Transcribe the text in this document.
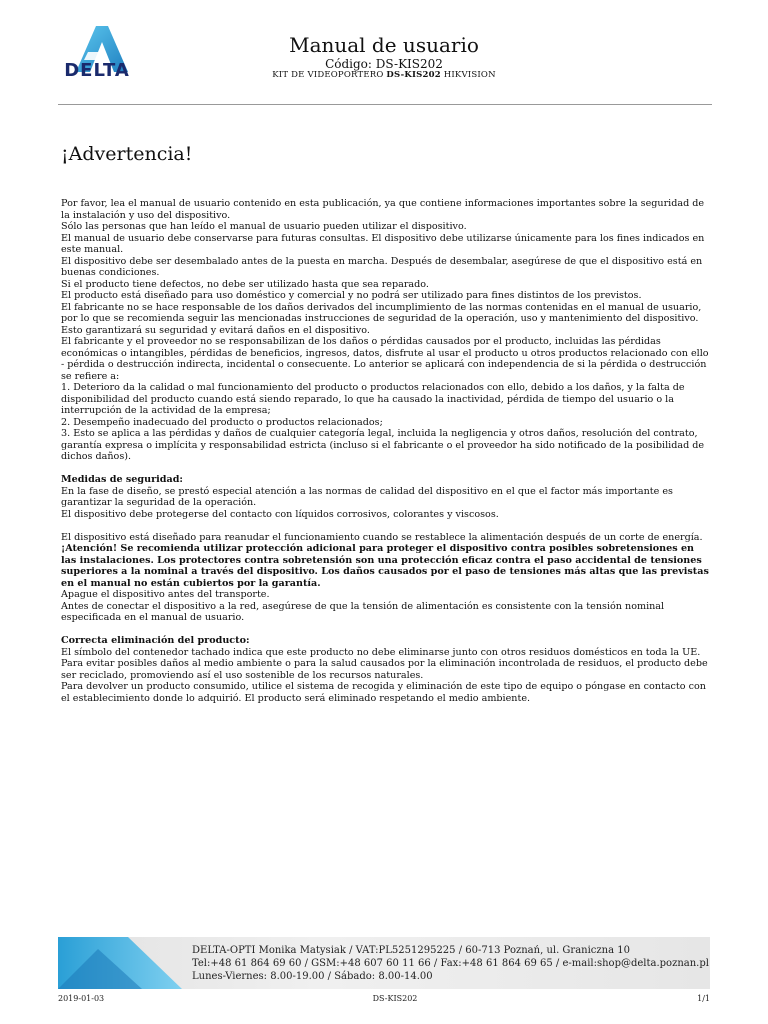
DELTA
Manual de usuario
Código: DS-KIS202
KIT DE VIDEOPORTERO DS-KIS202 HIKVISION
¡Advertencia!

Por favor, lea el manual de usuario contenido en esta publicación, ya que contiene informaciones importantes sobre la seguridad de la instalación y uso del dispositivo.

Sólo las personas que han leído el manual de usuario pueden utilizar el dispositivo.

El manual de usuario debe conservarse para futuras consultas. El dispositivo debe utilizarse únicamente para los fines indicados en este manual.

El dispositivo debe ser desembalado antes de la puesta en marcha. Después de desembalar, asegúrese de que el dispositivo está en buenas condiciones.

Si el producto tiene defectos, no debe ser utilizado hasta que sea reparado.

El producto está diseñado para uso doméstico y comercial y no podrá ser utilizado para fines distintos de los previstos.

El fabricante no se hace responsable de los daños derivados del incumplimiento de las normas contenidas en el manual de usuario, por lo que se recomienda seguir las mencionadas instrucciones de seguridad de la operación, uso y mantenimiento del dispositivo.

Esto garantizará su seguridad y evitará daños en el dispositivo.

El fabricante y el proveedor no se responsabilizan de los daños o pérdidas causados por el producto, incluidas las pérdidas económicas o intangibles, pérdidas de beneficios, ingresos, datos, disfrute al usar el producto u otros productos relacionado con ello - pérdida o destrucción indirecta, incidental o consecuente. Lo anterior se aplicará con independencia de si la pérdida o destrucción se refiere a:

1. Deterioro da la calidad o mal funcionamiento del producto o productos relacionados con ello, debido a los daños, y la falta de disponibilidad del producto cuando está siendo reparado, lo que ha causado la inactividad, pérdida de tiempo del usuario o la interrupción de la actividad de la empresa;

2. Desempeño inadecuado del producto o productos relacionados;

3. Esto se aplica a las pérdidas y daños de cualquier categoría legal, incluida la negligencia y otros daños, resolución del contrato, garantía expresa o implícita y responsabilidad estricta (incluso si el fabricante o el proveedor ha sido notificado de la posibilidad de dichos daños).

Medidas de seguridad:

En la fase de diseño, se prestó especial atención a las normas de calidad del dispositivo en el que el factor más importante es garantizar la seguridad de la operación.

El dispositivo debe protegerse del contacto con líquidos corrosivos, colorantes y viscosos.

El dispositivo está diseñado para reanudar el funcionamiento cuando se restablece la alimentación después de un corte de energía.

¡Atención! Se recomienda utilizar protección adicional para proteger el dispositivo contra posibles sobretensiones en las instalaciones. Los protectores contra sobretensión son una protección eficaz contra el paso accidental de tensiones superiores a la nominal a través del dispositivo. Los daños causados por el paso de tensiones más altas que las previstas en el manual no están cubiertos por la garantía.

Apague el dispositivo antes del transporte.

Antes de conectar el dispositivo a la red, asegúrese de que la tensión de alimentación es consistente con la tensión nominal especificada en el manual de usuario.

Correcta eliminación del producto:

El símbolo del contenedor tachado indica que este producto no debe eliminarse junto con otros residuos domésticos en toda la UE.

Para evitar posibles daños al medio ambiente o para la salud causados por la eliminación incontrolada de residuos, el producto debe ser reciclado, promoviendo así el uso sostenible de los recursos naturales.

Para devolver un producto consumido, utilice el sistema de recogida y eliminación de este tipo de equipo o póngase en contacto con el establecimiento donde lo adquirió. El producto será eliminado respetando el medio ambiente.

DELTA-OPTI Monika Matysiak / VAT:PL5251295225 / 60-713 Poznań, ul. Graniczna 10
Tel:+48 61 864 69 60 / GSM:+48 607 60 11 66 / Fax:+48 61 864 69 65 / e-mail:shop@delta.poznan.pl
Lunes-Viernes: 8.00-19.00 / Sábado: 8.00-14.00
2019-01-03	DS-KIS202	1/1
